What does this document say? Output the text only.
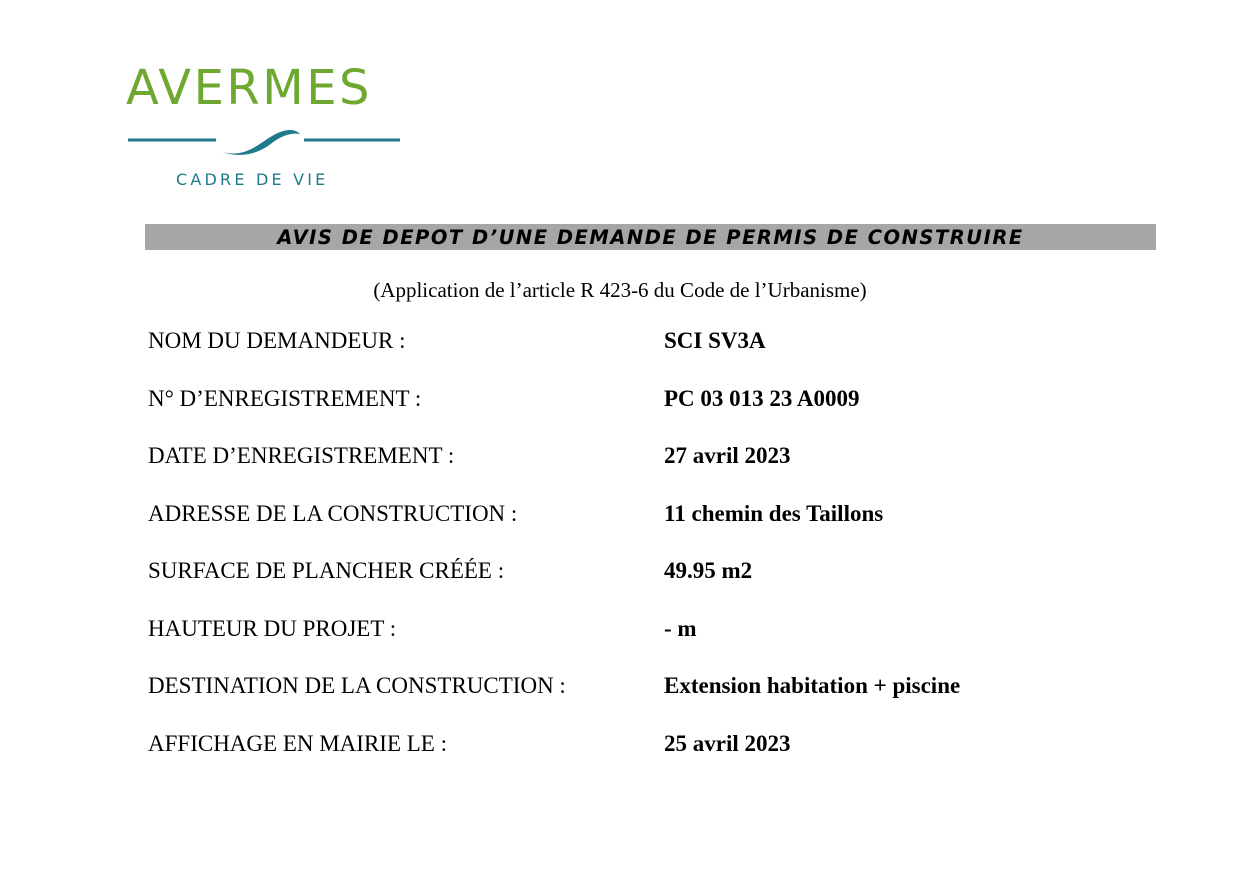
AVERMES
CADRE DE VIE
AVIS DE DEPOT D’UNE DEMANDE DE PERMIS DE CONSTRUIRE
(Application de l’article R 423-6 du Code de l’Urbanisme)
NOM DU DEMANDEUR :	SCI SV3A
N° D’ENREGISTREMENT :	PC 03 013 23 A0009
DATE D’ENREGISTREMENT :	27 avril 2023
ADRESSE DE LA CONSTRUCTION :	11 chemin des Taillons
SURFACE DE PLANCHER CRÉÉE :	49.95 m2
HAUTEUR DU PROJET :	- m
DESTINATION DE LA CONSTRUCTION :	Extension habitation + piscine
AFFICHAGE EN MAIRIE LE :	25 avril 2023
